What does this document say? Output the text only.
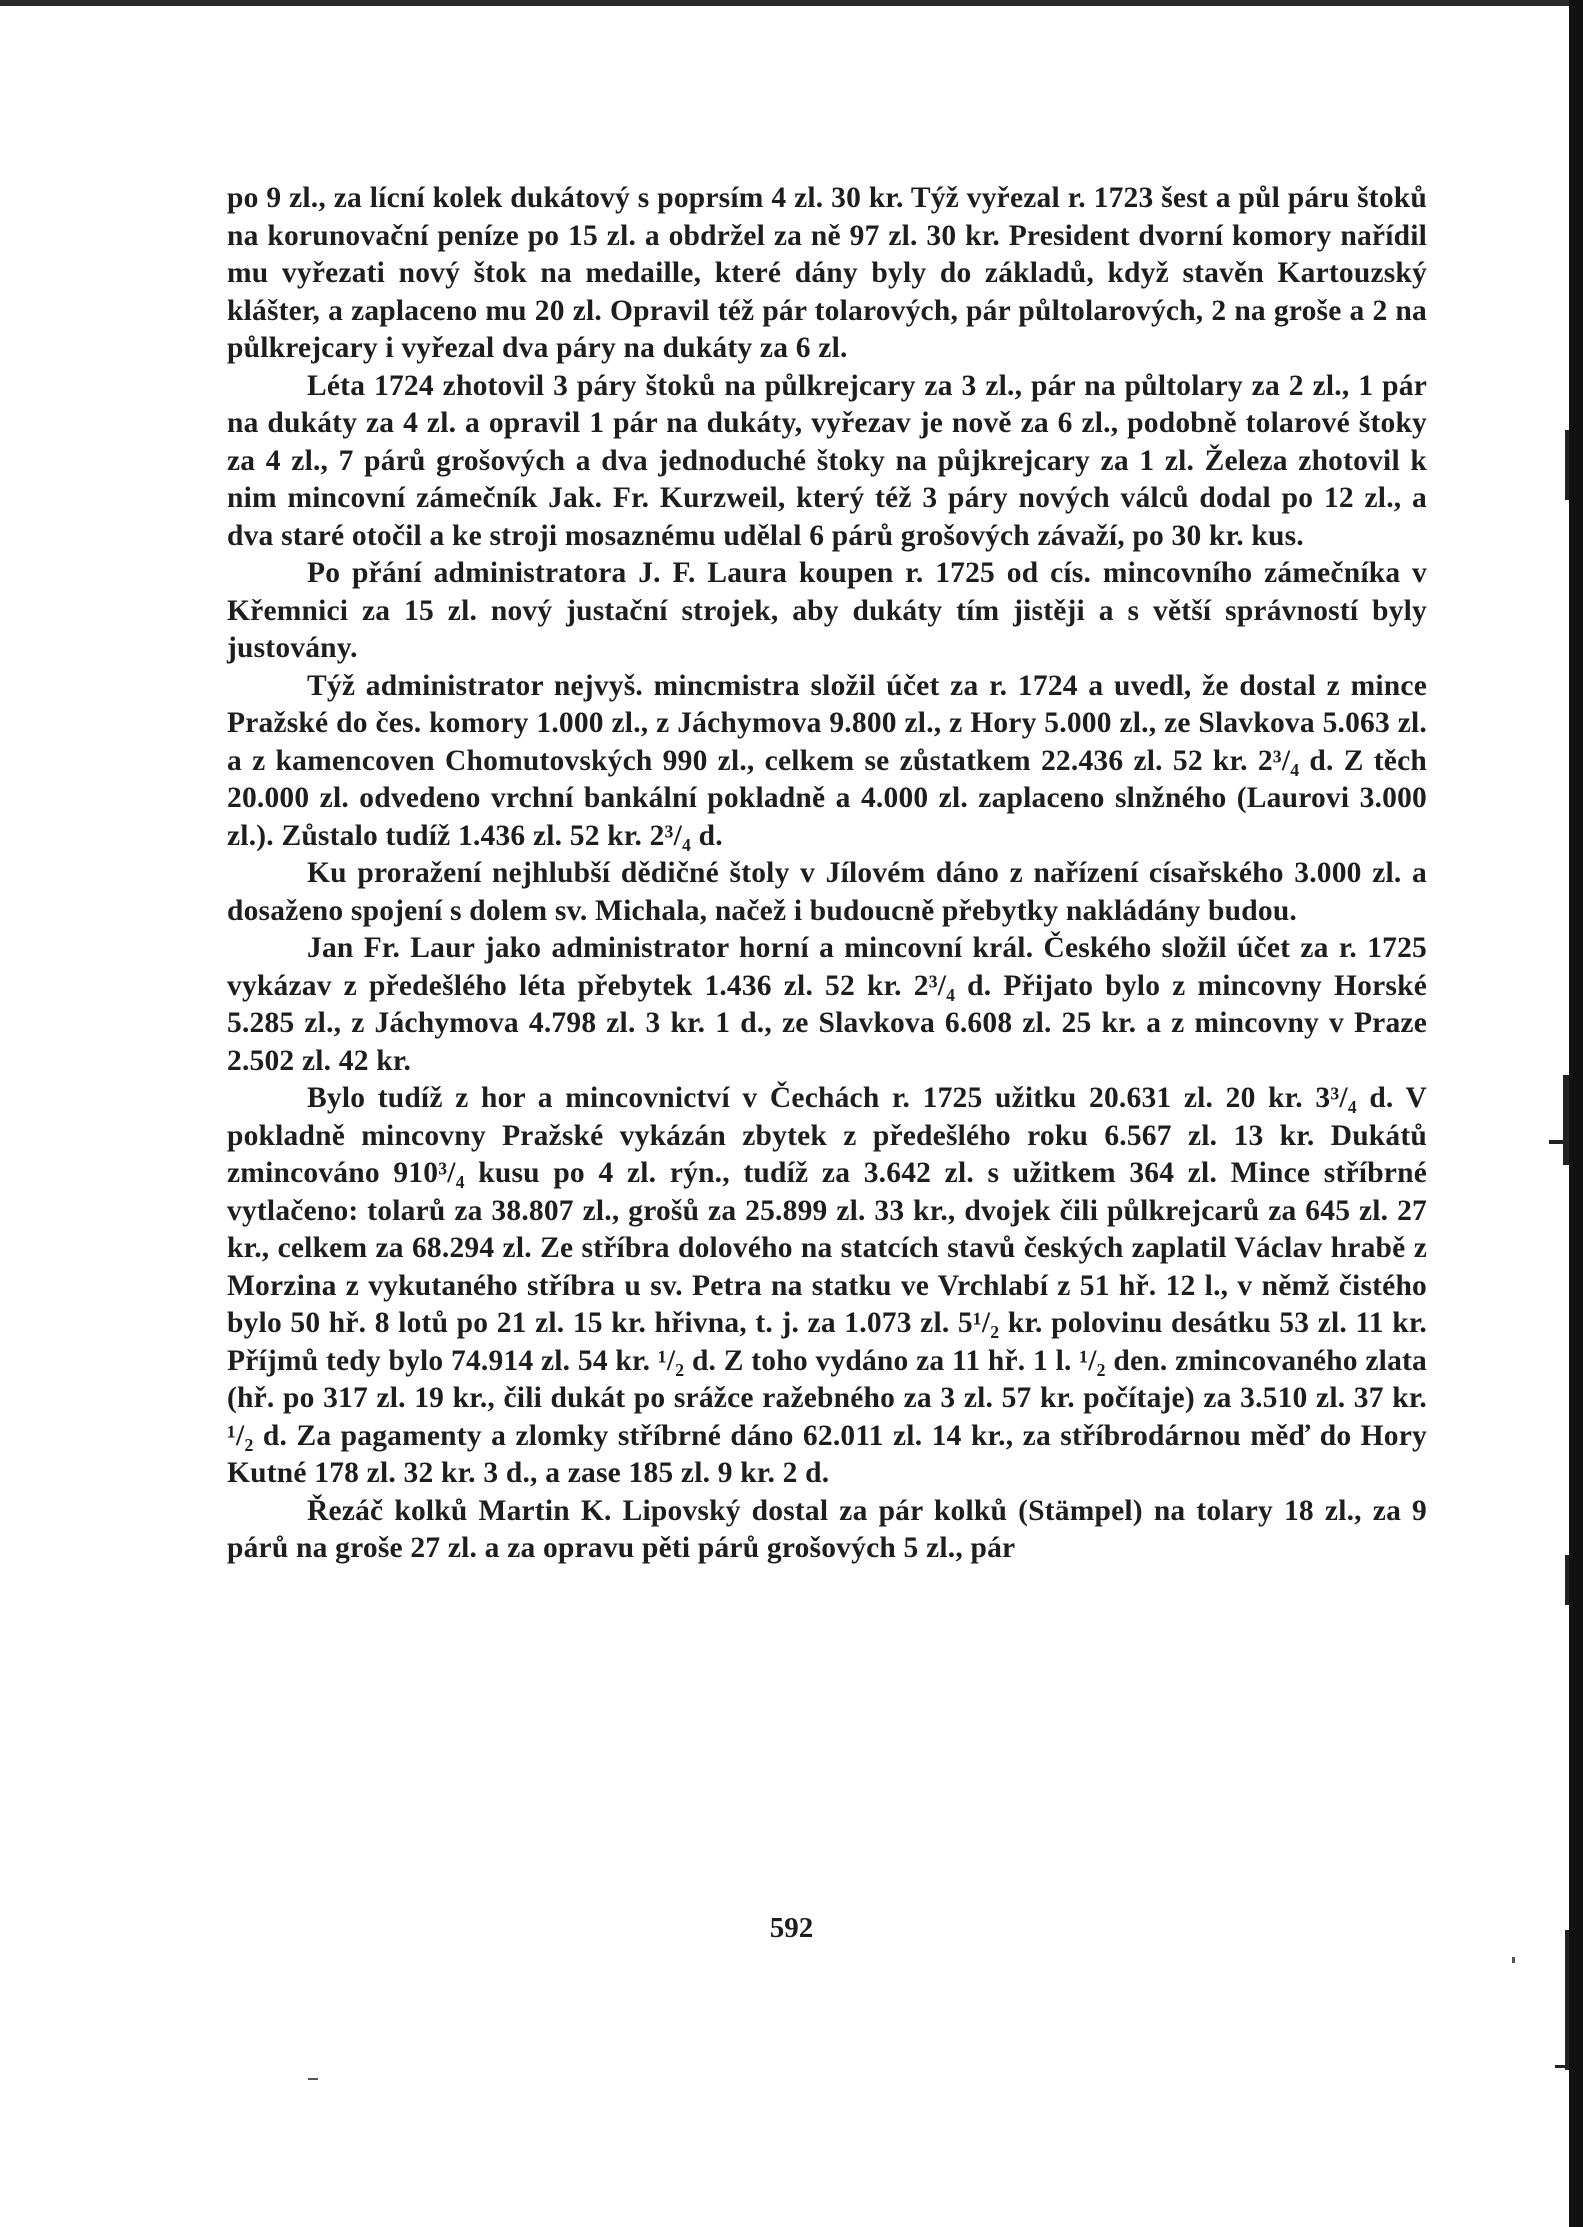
po 9 zl., za lícní kolek dukátový s poprsím 4 zl. 30 kr. Týž vyřezal r. 1723 šest a půl páru štoků na korunovační peníze po 15 zl. a obdržel za ně 97 zl. 30 kr. President dvorní komory nařídil mu vyřezati nový štok na medaille, které dány byly do základů, když stavěn Kartouzský klášter, a zaplaceno mu 20 zl. Opravil též pár tolarových, pár půltolarových, 2 na groše a 2 na půlkrejcary i vyřezal dva páry na dukáty za 6 zl.

Léta 1724 zhotovil 3 páry štoků na půlkrejcary za 3 zl., pár na půltolary za 2 zl., 1 pár na dukáty za 4 zl. a opravil 1 pár na dukáty, vyřezav je nově za 6 zl., podobně tolarové štoky za 4 zl., 7 párů grošových a dva jednoduché štoky na půjkrejcary za 1 zl. Železa zhotovil k nim mincovní zámečník Jak. Fr. Kurzweil, který též 3 páry nových válců dodal po 12 zl., a dva staré otočil a ke stroji mosaznému udělal 6 párů grošových závaží, po 30 kr. kus.

Po přání administratora J. F. Laura koupen r. 1725 od cís. mincovního zámečníka v Křemnici za 15 zl. nový justační strojek, aby dukáty tím jistěji a s větší správností byly justovány.

Týž administrator nejvyš. mincmistra složil účet za r. 1724 a uvedl, že dostal z mince Pražské do čes. komory 1.000 zl., z Jáchymova 9.800 zl., z Hory 5.000 zl., ze Slavkova 5.063 zl. a z kamencoven Chomutovských 990 zl., celkem se zůstatkem 22.436 zl. 52 kr. 2³/₄ d. Z těch 20.000 zl. odvedeno vrchní bankální pokladně a 4.000 zl. zaplaceno slnžného (Laurovi 3.000 zl.). Zůstalo tudíž 1.436 zl. 52 kr. 2³/₄ d.

Ku proražení nejhlubší dědičné štoly v Jílovém dáno z nařízení císařského 3.000 zl. a dosaženo spojení s dolem sv. Michala, načež i budoucně přebytky nakládány budou.

Jan Fr. Laur jako administrator horní a mincovní král. Českého složil účet za r. 1725 vykázav z předešlého léta přebytek 1.436 zl. 52 kr. 2³/₄ d. Přijato bylo z mincovny Horské 5.285 zl., z Jáchymova 4.798 zl. 3 kr. 1 d., ze Slavkova 6.608 zl. 25 kr. a z mincovny v Praze 2.502 zl. 42 kr.

Bylo tudíž z hor a mincovnictví v Čechách r. 1725 užitku 20.631 zl. 20 kr. 3³/₄ d. V pokladně mincovny Pražské vykázán zbytek z předešlého roku 6.567 zl. 13 kr. Dukátů zmincováno 910³/₄ kusu po 4 zl. rýn., tudíž za 3.642 zl. s užitkem 364 zl. Mince stříbrné vytlačeno: tolarů za 38.807 zl., grošů za 25.899 zl. 33 kr., dvojek čili půlkrejcarů za 645 zl. 27 kr., celkem za 68.294 zl. Ze stříbra dolového na statcích stavů českých zaplatil Václav hrabě z Morzina z vykutaného stříbra u sv. Petra na statku ve Vrchlabí z 51 hř. 12 l., v němž čistého bylo 50 hř. 8 lotů po 21 zl. 15 kr. hřivna, t. j. za 1.073 zl. 5¹/₂ kr. polovinu desátku 53 zl. 11 kr. Příjmů tedy bylo 74.914 zl. 54 kr. ¹/₂ d. Z toho vydáno za 11 hř. 1 l. ¹/₂ den. zmincovaného zlata (hř. po 317 zl. 19 kr., čili dukát po srážce ražebného za 3 zl. 57 kr. počítaje) za 3.510 zl. 37 kr. ¹/₂ d. Za pagamenty a zlomky stříbrné dáno 62.011 zl. 14 kr., za stříbrodárnou měď do Hory Kutné 178 zl. 32 kr. 3 d., a zase 185 zl. 9 kr. 2 d.

Řezáč kolků Martin K. Lipovský dostal za pár kolků (Stämpel) na tolary 18 zl., za 9 párů na groše 27 zl. a za opravu pěti párů grošových 5 zl., pár

592
